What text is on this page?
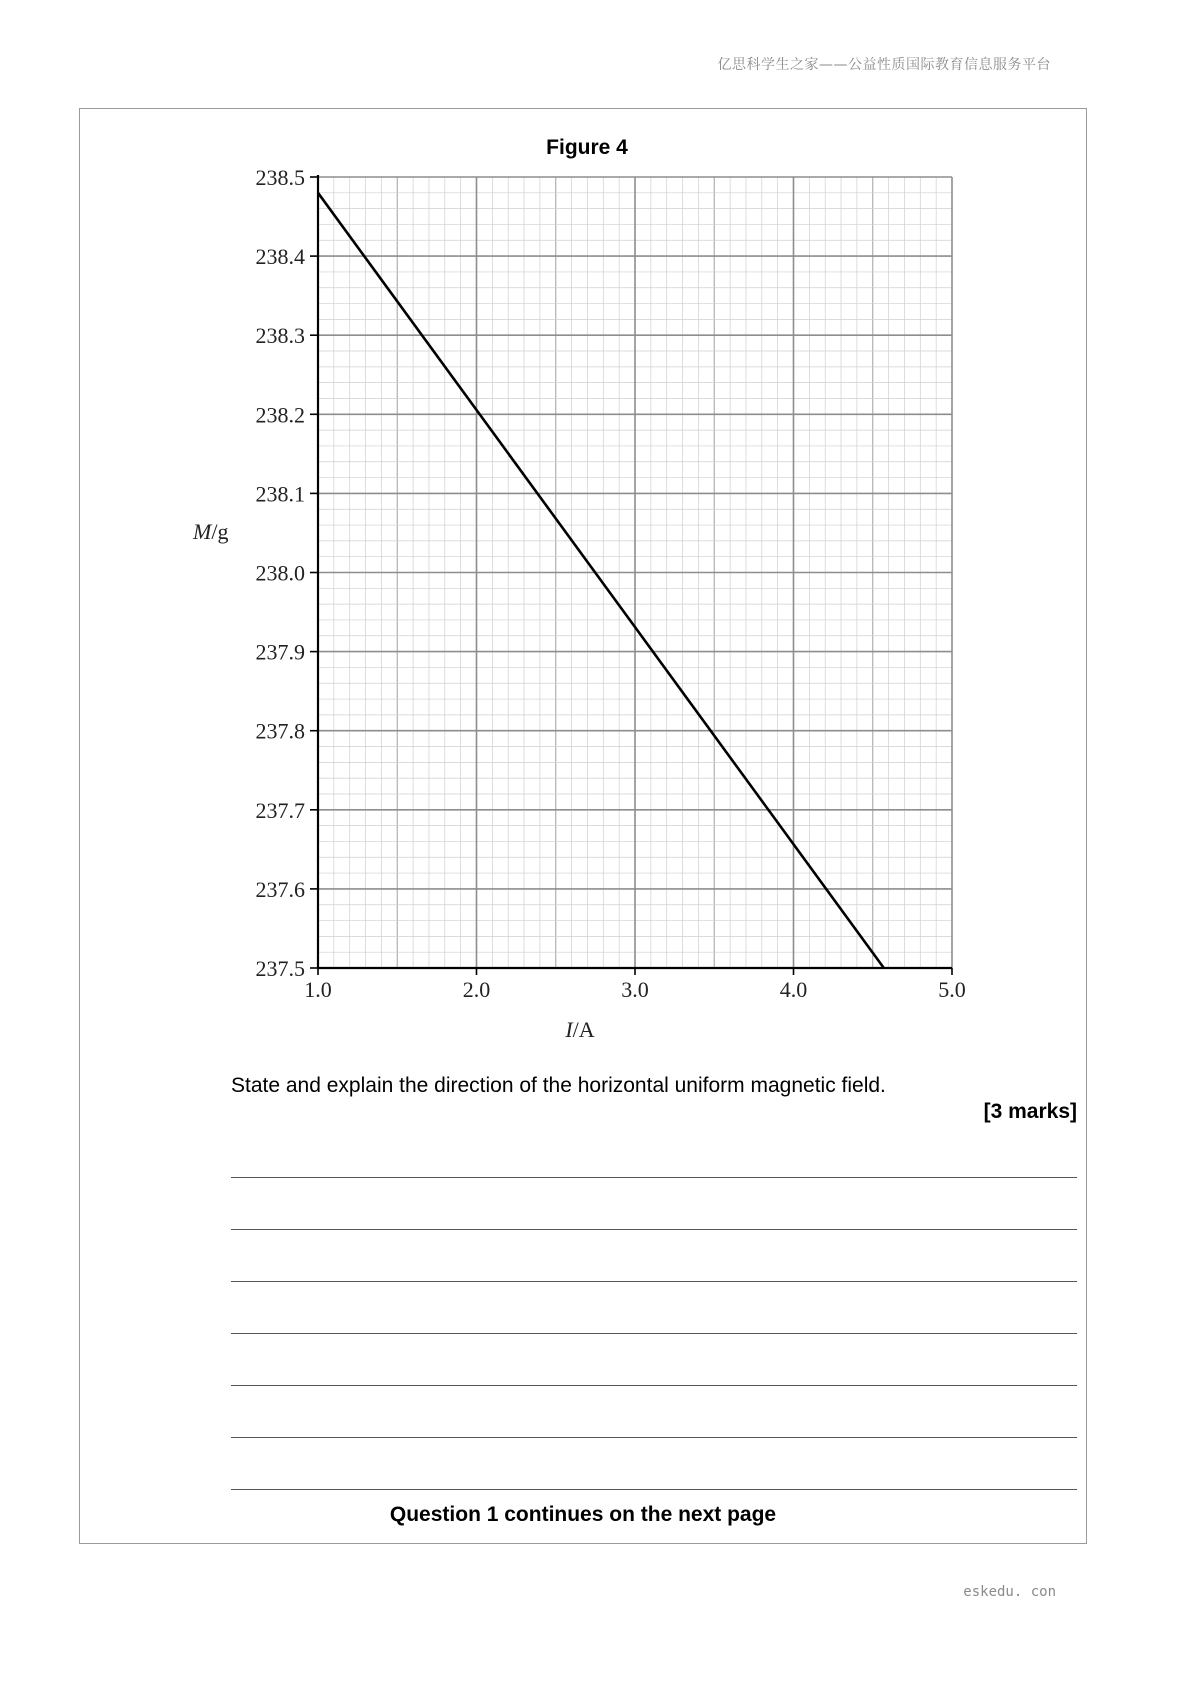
亿思科学生之家——公益性质国际教育信息服务平台
Figure 4
238.5
238.4
238.3
238.2
238.1
238.0
237.9
237.8
237.7
237.6
237.5
1.0	2.0	3.0	4.0	5.0
M/g
I/A
State and explain the direction of the horizontal uniform magnetic field.
[3 marks]
Question 1 continues on the next page
eskedu. con
